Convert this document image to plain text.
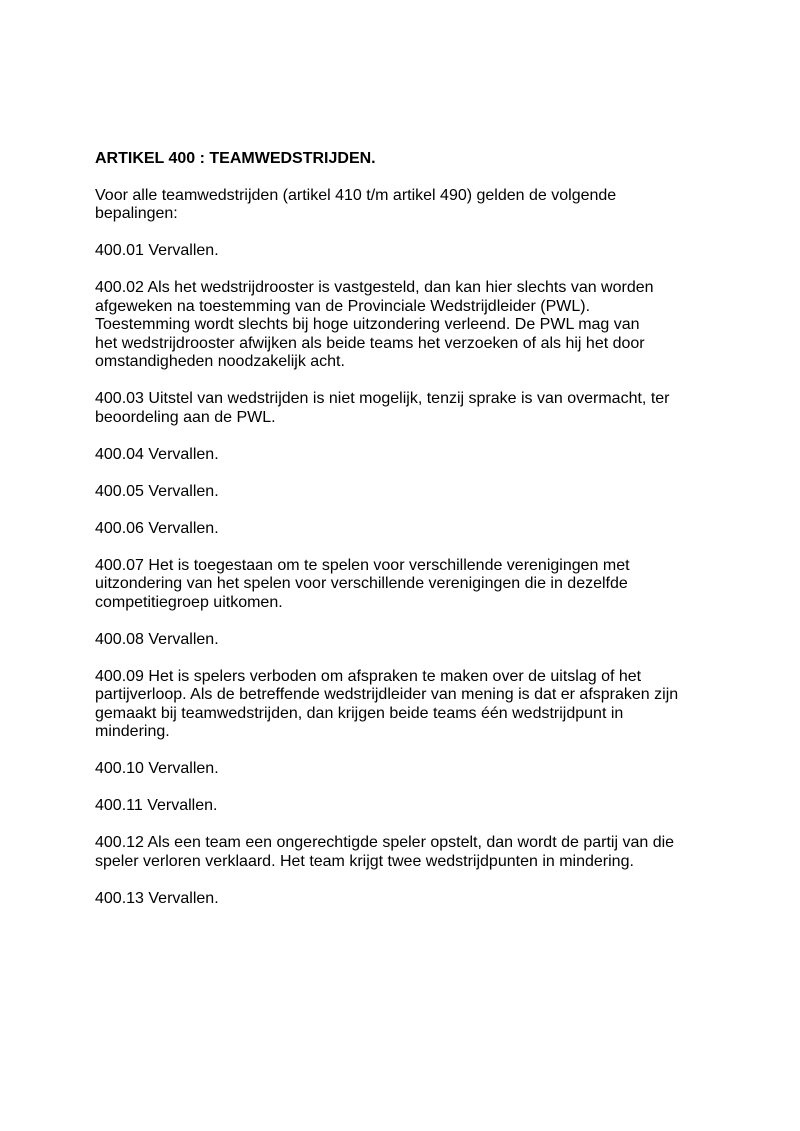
ARTIKEL 400 : TEAMWEDSTRIJDEN.
Voor alle teamwedstrijden (artikel 410 t/m artikel 490) gelden de volgende
bepalingen:
400.01 Vervallen.
400.02 Als het wedstrijdrooster is vastgesteld, dan kan hier slechts van worden
afgeweken na toestemming van de Provinciale Wedstrijdleider (PWL).
Toestemming wordt slechts bij hoge uitzondering verleend. De PWL mag van
het wedstrijdrooster afwijken als beide teams het verzoeken of als hij het door
omstandigheden noodzakelijk acht.
400.03 Uitstel van wedstrijden is niet mogelijk, tenzij sprake is van overmacht, ter
beoordeling aan de PWL.
400.04 Vervallen.
400.05 Vervallen.
400.06 Vervallen.
400.07 Het is toegestaan om te spelen voor verschillende verenigingen met
uitzondering van het spelen voor verschillende verenigingen die in dezelfde
competitiegroep uitkomen.
400.08 Vervallen.
400.09 Het is spelers verboden om afspraken te maken over de uitslag of het
partijverloop. Als de betreffende wedstrijdleider van mening is dat er afspraken zijn
gemaakt bij teamwedstrijden, dan krijgen beide teams één wedstrijdpunt in
mindering.
400.10 Vervallen.
400.11 Vervallen.
400.12 Als een team een ongerechtigde speler opstelt, dan wordt de partij van die
speler verloren verklaard. Het team krijgt twee wedstrijdpunten in mindering.
400.13 Vervallen.
